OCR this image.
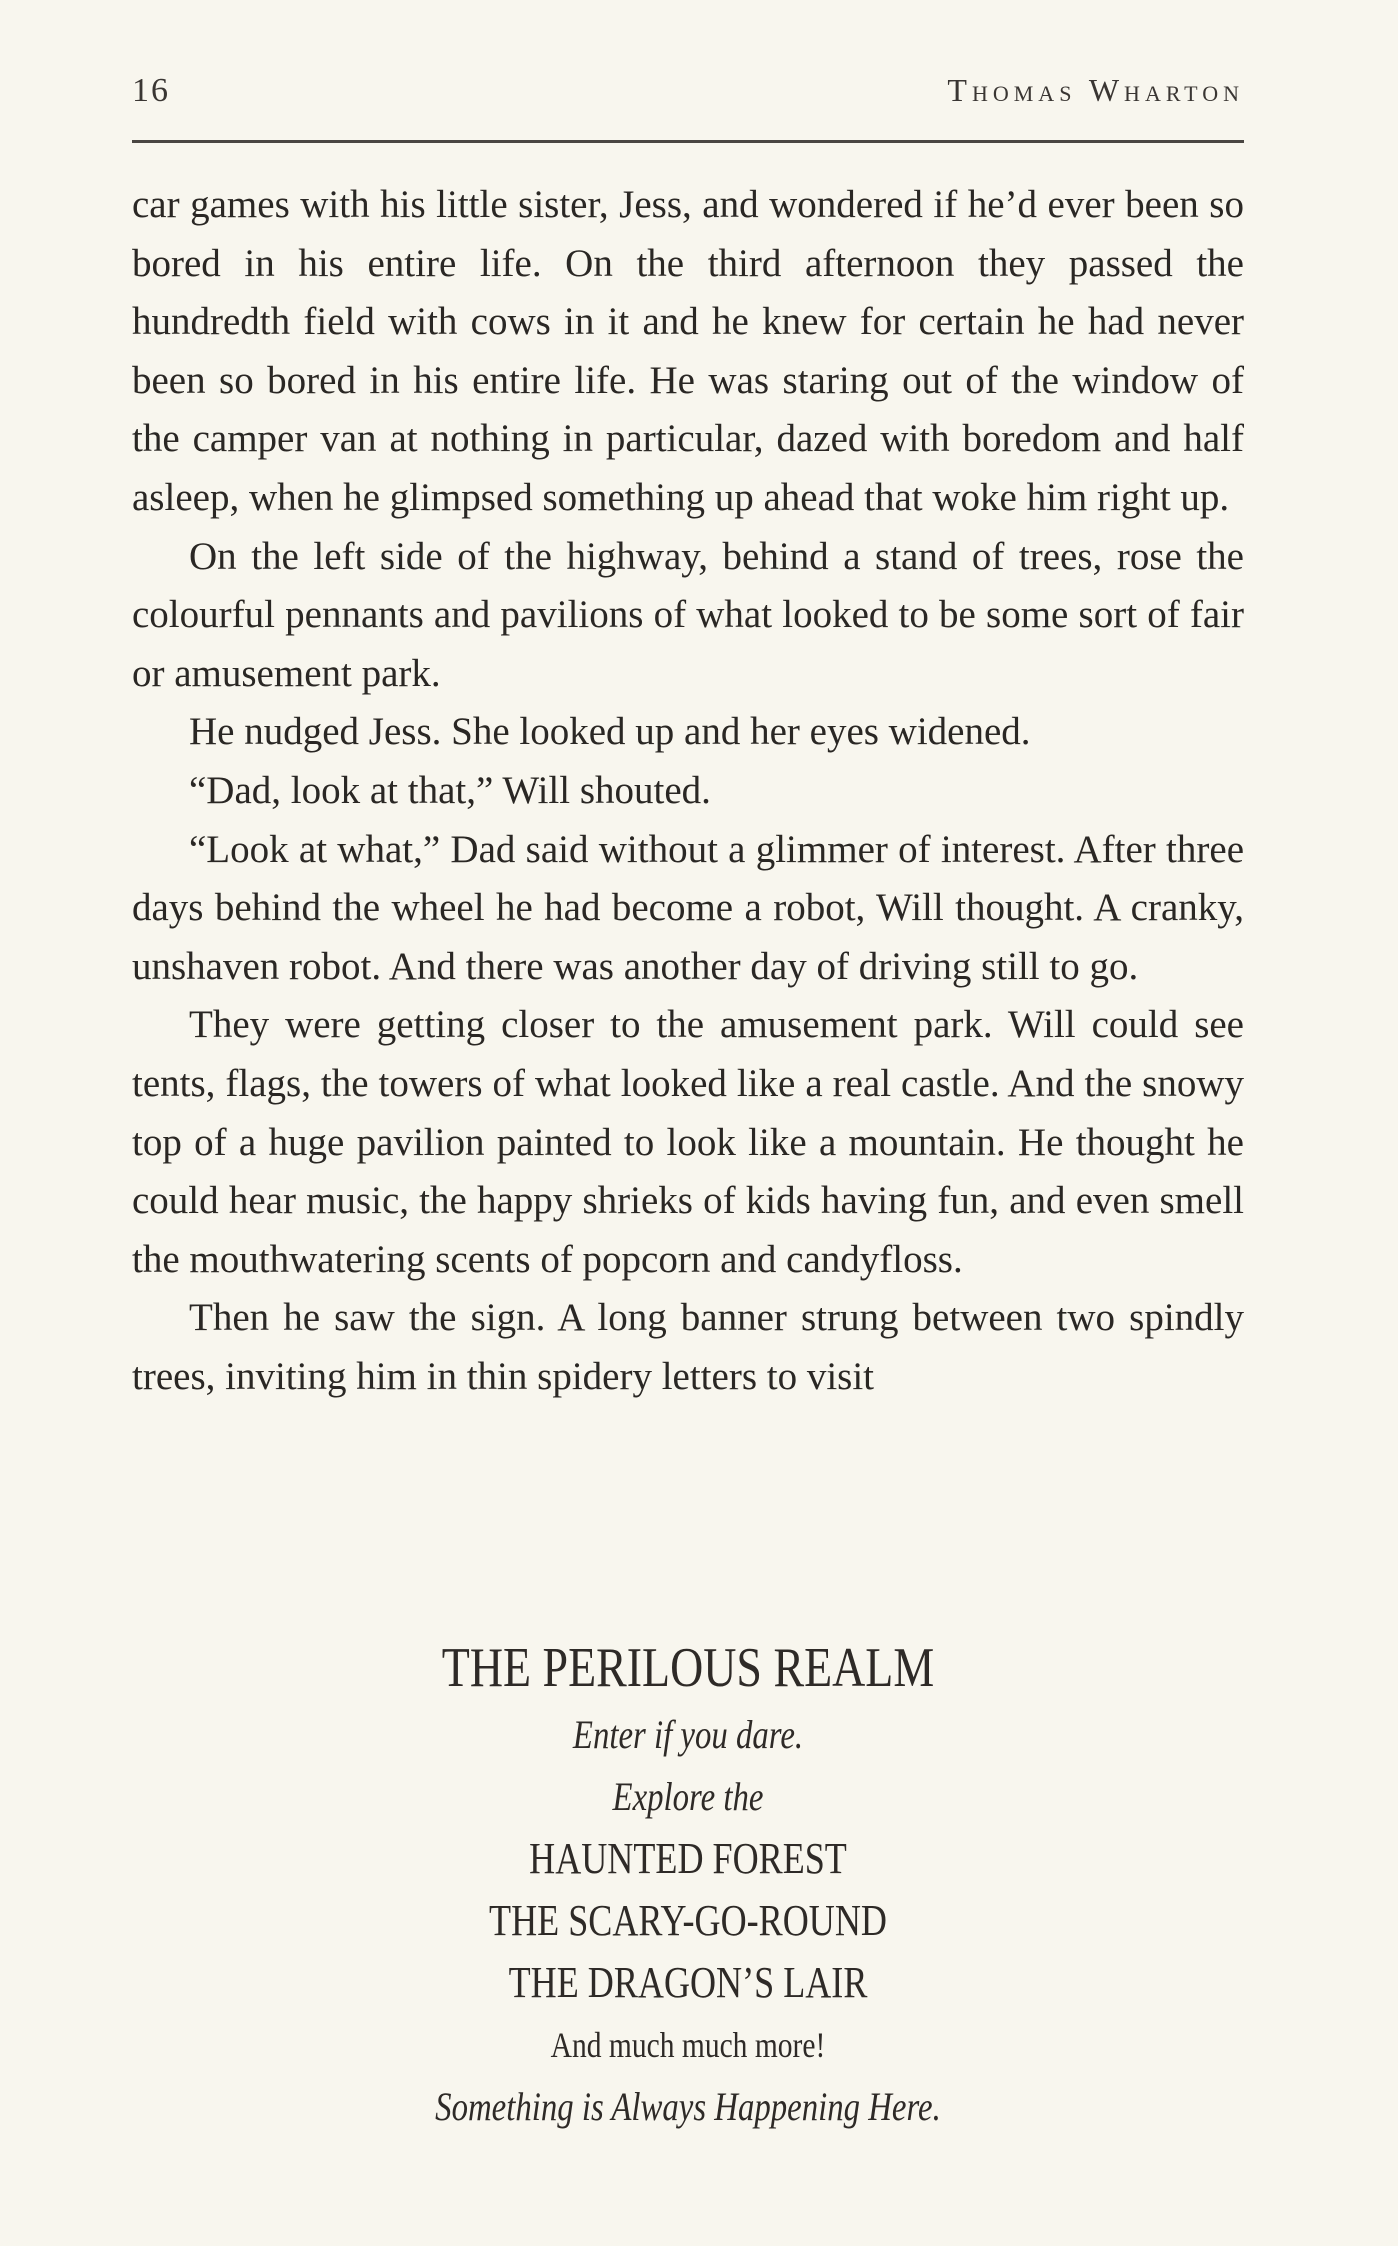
16	Thomas Wharton

car games with his little sister, Jess, and wondered if he’d ever been so bored in his entire life. On the third afternoon they passed the hundredth field with cows in it and he knew for certain he had never been so bored in his entire life. He was staring out of the window of the camper van at nothing in particular, dazed with boredom and half asleep, when he glimpsed something up ahead that woke him right up.

On the left side of the highway, behind a stand of trees, rose the colourful pennants and pavilions of what looked to be some sort of fair or amusement park.

He nudged Jess. She looked up and her eyes widened.

“Dad, look at that,” Will shouted.

“Look at what,” Dad said without a glimmer of interest. After three days behind the wheel he had become a robot, Will thought. A cranky, unshaven robot. And there was another day of driving still to go.

They were getting closer to the amusement park. Will could see tents, flags, the towers of what looked like a real castle. And the snowy top of a huge pavilion painted to look like a mountain. He thought he could hear music, the happy shrieks of kids having fun, and even smell the mouthwatering scents of popcorn and candyfloss.

Then he saw the sign. A long banner strung between two spindly trees, inviting him in thin spidery letters to visit

THE PERILOUS REALM
Enter if you dare.
Explore the
HAUNTED FOREST
THE SCARY-GO-ROUND
THE DRAGON’S LAIR
And much much more!
Something is Always Happening Here.
